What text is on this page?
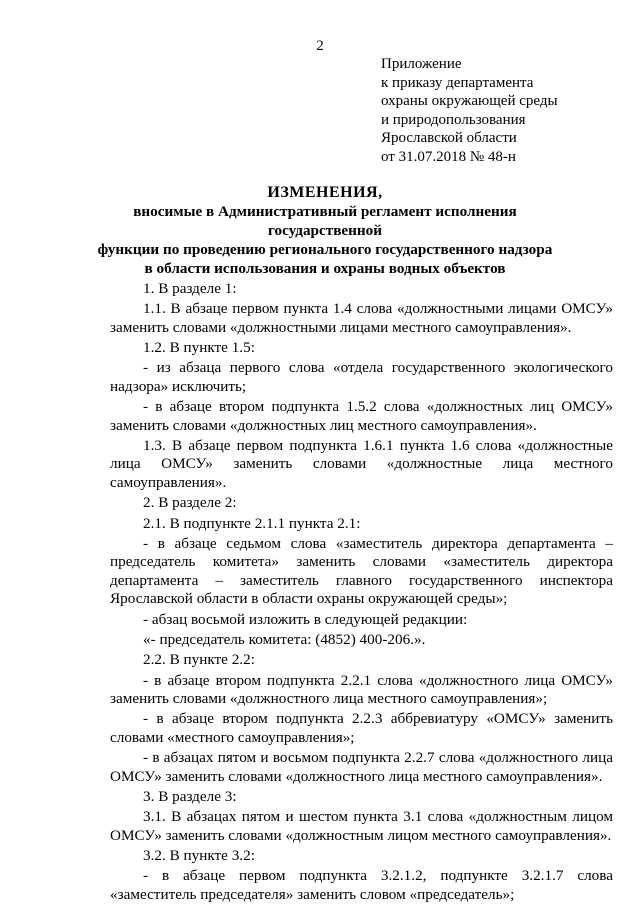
2
Приложение
к приказу департамента
охраны окружающей среды
и природопользования
Ярославской области
от 31.07.2018 № 48-н
ИЗМЕНЕНИЯ,
вносимые в Административный регламент исполнения государственной
функции по проведению регионального государственного надзора
в области использования и охраны водных объектов

1. В разделе 1:

1.1. В абзаце первом пункта 1.4 слова «должностными лицами ОМСУ» заменить словами «должностными лицами местного самоуправления».

1.2. В пункте 1.5:

- из абзаца первого слова «отдела государственного экологического надзора» исключить;

- в абзаце втором подпункта 1.5.2 слова «должностных лиц ОМСУ» заменить словами «должностных лиц местного самоуправления».

1.3. В абзаце первом подпункта 1.6.1 пункта 1.6 слова «должностные лица ОМСУ» заменить словами «должностные лица местного самоуправления».

2. В разделе 2:

2.1. В подпункте 2.1.1 пункта 2.1:

- в абзаце седьмом слова «заместитель директора департамента – председатель комитета» заменить словами «заместитель директора департамента – заместитель главного государственного инспектора Ярославской области в области охраны окружающей среды»;

- абзац восьмой изложить в следующей редакции:

«- председатель комитета: (4852) 400-206.».

2.2. В пункте 2.2:

- в абзаце втором подпункта 2.2.1 слова «должностного лица ОМСУ» заменить словами «должностного лица местного самоуправления»;

- в абзаце втором подпункта 2.2.3 аббревиатуру «ОМСУ» заменить словами «местного самоуправления»;

- в абзацах пятом и восьмом подпункта 2.2.7 слова «должностного лица ОМСУ» заменить словами «должностного лица местного самоуправления».

3. В разделе 3:

3.1. В абзацах пятом и шестом пункта 3.1 слова «должностным лицом ОМСУ» заменить словами «должностным лицом местного самоуправления».

3.2. В пункте 3.2:

- в абзаце первом подпункта 3.2.1.2, подпункте 3.2.1.7 слова «заместитель председателя» заменить словом «председатель»;
